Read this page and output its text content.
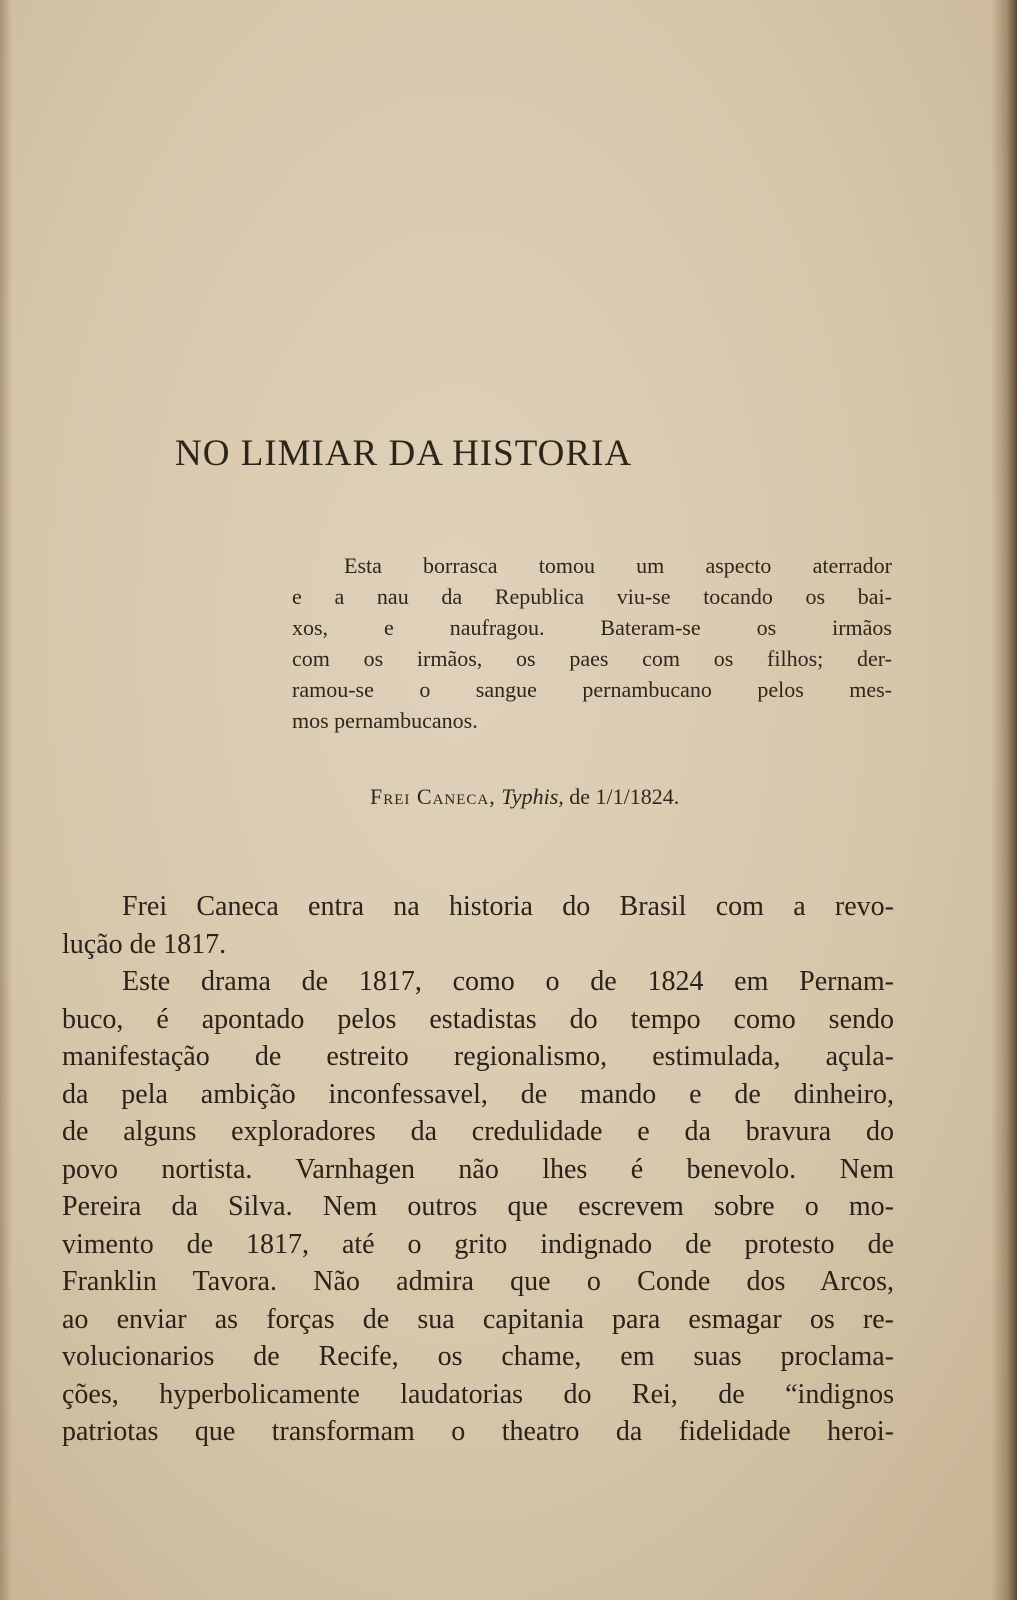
NO LIMIAR DA HISTORIA

Esta borrasca tomou um aspecto aterrador
e a nau da Republica viu-se tocando os bai-
xos, e naufragou. Bateram-se os irmãos
com os irmãos, os paes com os filhos; der-
ramou-se o sangue pernambucano pelos mes-
mos pernambucanos.

Frei Caneca, Typhis, de 1/1/1824.

Frei Caneca entra na historia do Brasil com a revo-
lução de 1817.

Este drama de 1817, como o de 1824 em Pernam-
buco, é apontado pelos estadistas do tempo como sendo
manifestação de estreito regionalismo, estimulada, açula-
da pela ambição inconfessavel, de mando e de dinheiro,
de alguns exploradores da credulidade e da bravura do
povo nortista. Varnhagen não lhes é benevolo. Nem
Pereira da Silva. Nem outros que escrevem sobre o mo-
vimento de 1817, até o grito indignado de protesto de
Franklin Tavora. Não admira que o Conde dos Arcos,
ao enviar as forças de sua capitania para esmagar os re-
volucionarios de Recife, os chame, em suas proclama-
ções, hyperbolicamente laudatorias do Rei, de “indignos
patriotas que transformam o theatro da fidelidade heroi-
